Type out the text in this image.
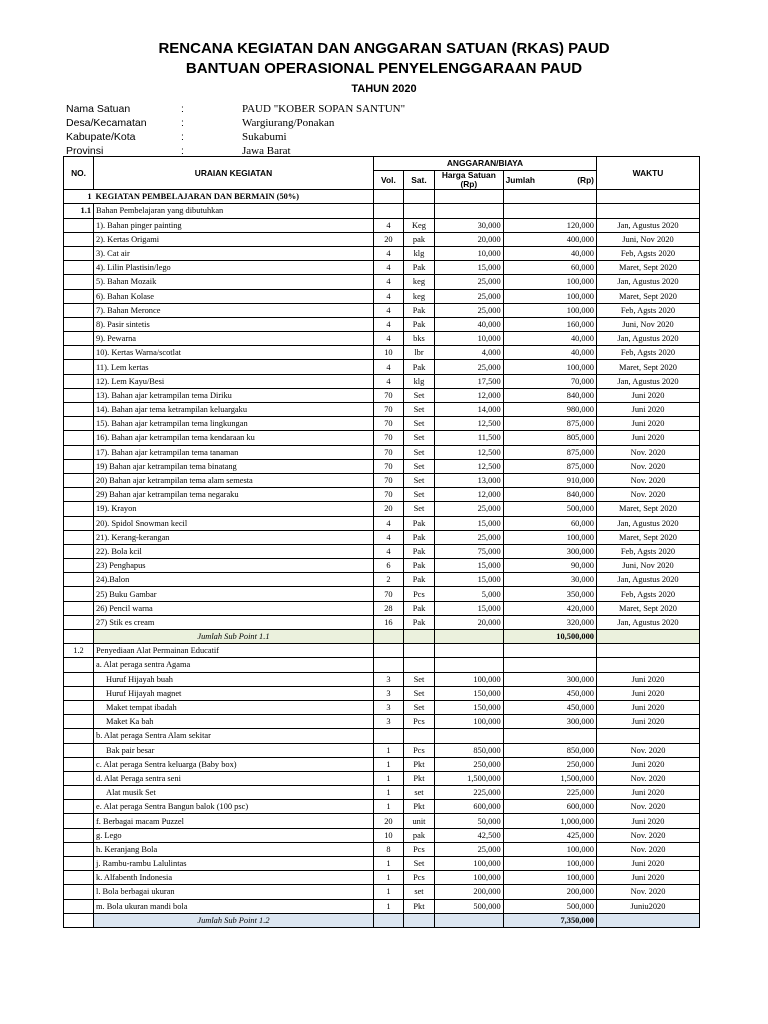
RENCANA KEGIATAN DAN ANGGARAN SATUAN (RKAS) PAUD
BANTUAN OPERASIONAL PENYELENGGARAAN PAUD
TAHUN 2020
Nama Satuan	:	PAUD "KOBER SOPAN SANTUN"
Desa/Kecamatan	:	Wargiurang/Ponakan
Kabupate/Kota	:	Sukabumi
Provinsi	:	Jawa Barat
NO.	URAIAN KEGIATAN	ANGGARAN/BIAYA				WAKTU
		Vol.	Sat.	Harga Satuan (Rp)	Jumlah (Rp)	

1	KEGIATAN PEMBELAJARAN DAN BERMAIN (50%)					
1.1	Bahan Pembelajaran yang dibutuhkan					
	1). Bahan pinger painting	4	Keg	30,000	120,000	Jan, Agustus 2020
	2). Kertas Origami	20	pak	20,000	400,000	Juni, Nov 2020
	3). Cat air	4	klg	10,000	40,000	Feb, Agsts 2020
	4). Lilin Plastisin/lego	4	Pak	15,000	60,000	Maret, Sept 2020
	5). Bahan Mozaik	4	keg	25,000	100,000	Jan, Agustus 2020
	6). Bahan Kolase	4	keg	25,000	100,000	Maret, Sept 2020
	7). Bahan Meronce	4	Pak	25,000	100,000	Feb, Agsts 2020
	8). Pasir sintetis	4	Pak	40,000	160,000	Juni, Nov 2020
	9). Pewarna	4	bks	10,000	40,000	Jan, Agustus 2020
	10). Kertas Warna/scotlat	10	lbr	4,000	40,000	Feb, Agsts 2020
	11). Lem kertas	4	Pak	25,000	100,000	Maret, Sept 2020
	12). Lem Kayu/Besi	4	klg	17,500	70,000	Jan, Agustus 2020
	13). Bahan ajar ketrampilan tema Diriku	70	Set	12,000	840,000	Juni 2020
	14). Bahan ajar tema ketrampilan keluargaku	70	Set	14,000	980,000	Juni 2020
	15). Bahan ajar ketrampilan tema lingkungan	70	Set	12,500	875,000	Juni 2020
	16). Bahan ajar ketrampilan tema kendaraan ku	70	Set	11,500	805,000	Juni 2020
	17). Bahan ajar ketrampilan tema tanaman	70	Set	12,500	875,000	Nov. 2020
	19) Bahan ajar ketrampilan tema binatang	70	Set	12,500	875,000	Nov. 2020
	20) Bahan ajar ketrampilan tema alam semesta	70	Set	13,000	910,000	Nov. 2020
	29) Bahan ajar ketrampilan tema negaraku	70	Set	12,000	840,000	Nov. 2020
	19). Krayon	20	Set	25,000	500,000	Maret, Sept 2020
	20). Spidol Snowman kecil	4	Pak	15,000	60,000	Jan, Agustus 2020
	21). Kerang-kerangan	4	Pak	25,000	100,000	Maret, Sept 2020
	22). Bola kcil	4	Pak	75,000	300,000	Feb, Agsts 2020
	23) Penghapus	6	Pak	15,000	90,000	Juni, Nov 2020
	24).Balon	2	Pak	15,000	30,000	Jan, Agustus 2020
	25) Buku Gambar	70	Pcs	5,000	350,000	Feb, Agsts 2020
	26) Pencil warna	28	Pak	15,000	420,000	Maret, Sept 2020
	27) Stik es cream	16	Pak	20,000	320,000	Jan, Agustus 2020
	Jumlah Sub Point 1.1				10,500,000	
1.2	Penyediaan Alat Permainan Educatif					
	a. Alat peraga sentra Agama					
	Huruf Hijayah buah	3	Set	100,000	300,000	Juni 2020
	Huruf Hijayah magnet	3	Set	150,000	450,000	Juni 2020
	Maket tempat ibadah	3	Set	150,000	450,000	Juni 2020
	Maket Ka bah	3	Pcs	100,000	300,000	Juni 2020
	b. Alat peraga Sentra Alam sekitar					
	Bak pair besar	1	Pcs	850,000	850,000	Nov. 2020
	c. Alat peraga Sentra keluarga (Baby box)	1	Pkt	250,000	250,000	Juni 2020
	d. Alat Peraga sentra seni	1	Pkt	1,500,000	1,500,000	Nov. 2020
	Alat musik Set	1	set	225,000	225,000	Juni 2020
	e. Alat peraga Sentra Bangun balok (100 psc)	1	Pkt	600,000	600,000	Nov. 2020
	f. Berbagai macam Puzzel	20	unit	50,000	1,000,000	Juni 2020
	g. Lego	10	pak	42,500	425,000	Nov. 2020
	h. Keranjang Bola	8	Pcs	25,000	100,000	Nov. 2020
	j. Rambu-rambu Lalulintas	1	Set	100,000	100,000	Juni 2020
	k. Alfabenth Indonesia	1	Pcs	100,000	100,000	Juni 2020
	l. Bola berbagai ukuran	1	set	200,000	200,000	Nov. 2020
	m. Bola ukuran mandi bola	1	Pkt	500,000	500,000	Juniu2020
	Jumlah Sub Point 1.2				7,350,000	
